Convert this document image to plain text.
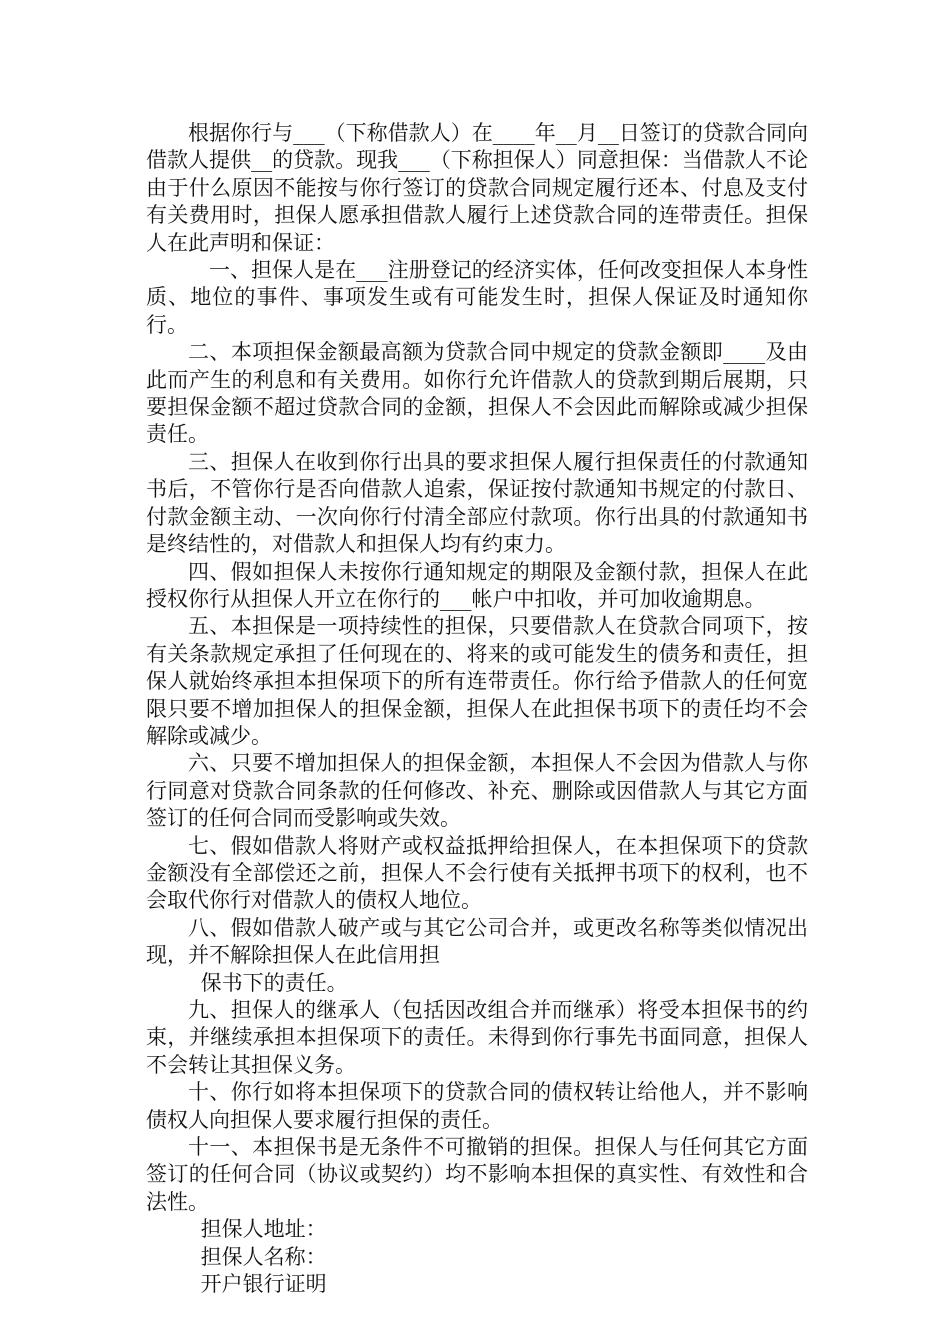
根据你行与___（下称借款人）在____年__月__日签订的贷款合同向借款人提供__的贷款。现我___（下称担保人）同意担保：当借款人不论由于什么原因不能按与你行签订的贷款合同规定履行还本、付息及支付有关费用时，担保人愿承担借款人履行上述贷款合同的连带责任。担保人在此声明和保证：

一、担保人是在___注册登记的经济实体，任何改变担保人本身性质、地位的事件、事项发生或有可能发生时，担保人保证及时通知你行。

二、本项担保金额最高额为贷款合同中规定的贷款金额即____及由此而产生的利息和有关费用。如你行允许借款人的贷款到期后展期，只要担保金额不超过贷款合同的金额，担保人不会因此而解除或减少担保责任。

三、担保人在收到你行出具的要求担保人履行担保责任的付款通知书后，不管你行是否向借款人追索，保证按付款通知书规定的付款日、付款金额主动、一次向你行付清全部应付款项。你行出具的付款通知书是终结性的，对借款人和担保人均有约束力。

四、假如担保人未按你行通知规定的期限及金额付款，担保人在此授权你行从担保人开立在你行的___帐户中扣收，并可加收逾期息。

五、本担保是一项持续性的担保，只要借款人在贷款合同项下，按有关条款规定承担了任何现在的、将来的或可能发生的债务和责任，担保人就始终承担本担保项下的所有连带责任。你行给予借款人的任何宽限只要不增加担保人的担保金额，担保人在此担保书项下的责任均不会解除或减少。

六、只要不增加担保人的担保金额，本担保人不会因为借款人与你行同意对贷款合同条款的任何修改、补充、删除或因借款人与其它方面签订的任何合同而受影响或失效。

七、假如借款人将财产或权益抵押给担保人，在本担保项下的贷款金额没有全部偿还之前，担保人不会行使有关抵押书项下的权利，也不会取代你行对借款人的债权人地位。

八、假如借款人破产或与其它公司合并，或更改名称等类似情况出现，并不解除担保人在此信用担

保书下的责任。

九、担保人的继承人（包括因改组合并而继承）将受本担保书的约束，并继续承担本担保项下的责任。未得到你行事先书面同意，担保人不会转让其担保义务。

十、你行如将本担保项下的贷款合同的债权转让给他人，并不影响债权人向担保人要求履行担保的责任。

十一、本担保书是无条件不可撤销的担保。担保人与任何其它方面签订的任何合同（协议或契约）均不影响本担保的真实性、有效性和合法性。

担保人地址：

担保人名称：

开户银行证明
